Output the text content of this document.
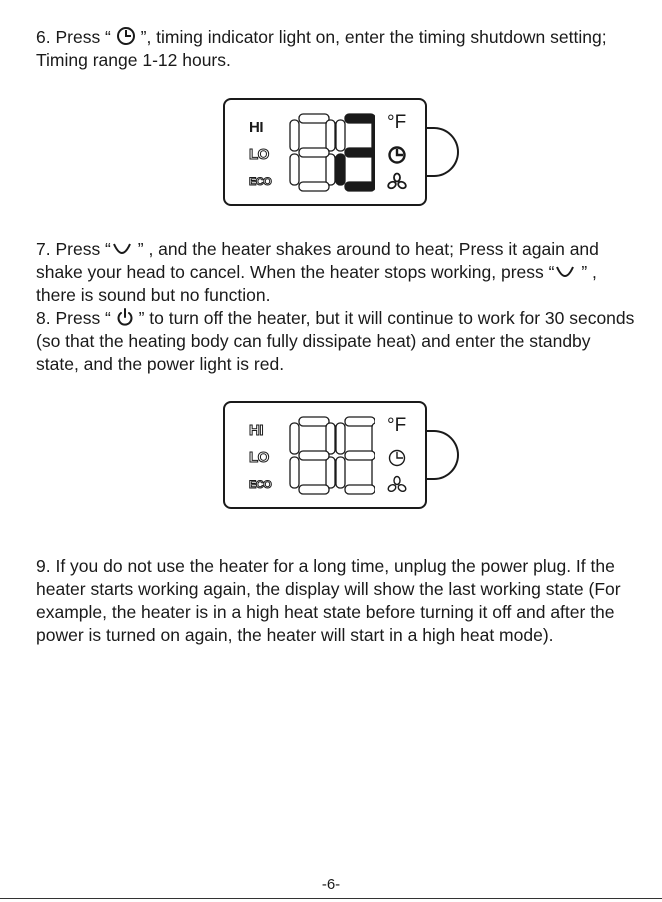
6. Press “  ”, timing indicator light on, enter the timing shutdown setting; Timing range 1-12 hours.

HI
LO
ECO
°F

7. Press “ ” , and the heater shakes around to heat; Press it again and shake your head to cancel. When the heater stops working, press “ ” , there is sound but no function.

8. Press “  ” to turn off the heater, but it will continue to work for 30 seconds (so that the heating body can fully dissipate heat) and enter the standby state, and the power light is red.

HI
LO
ECO
°F

9. If you do not use the heater for a long time, unplug the power plug. If the heater starts working again, the display will show the last working state (For example, the heater is in a high heat state before turning it off and after the power is turned on again, the heater will start in a high heat mode).

-6-
